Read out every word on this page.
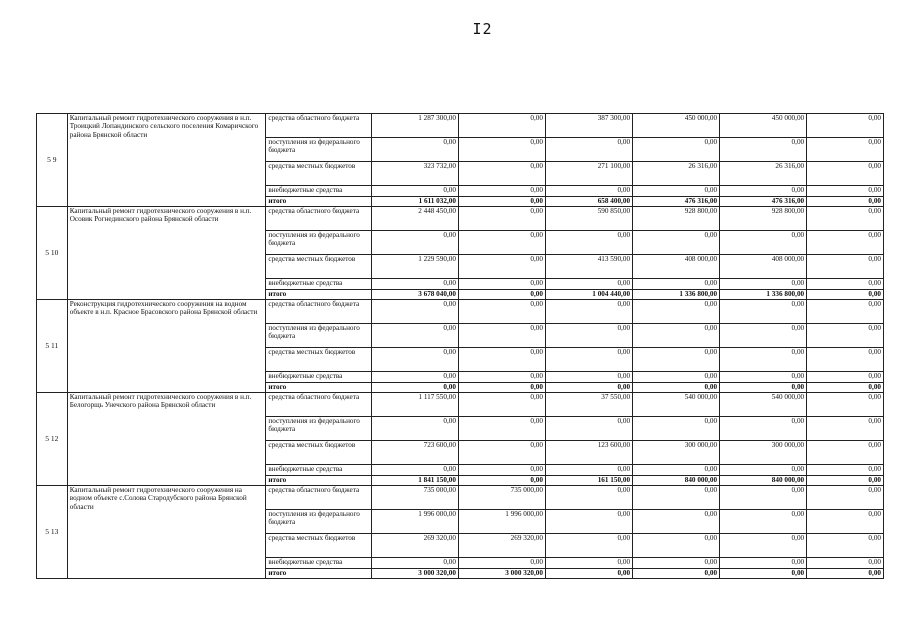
I2
5 9	Капитальный ремонт гидротехнического сооружения в н.п. Троицкий Лопандинского сельского поселения Комаричского района Брянской области	средства областного бюджета	1 287 300,00	0,00	387 300,00	450 000,00	450 000,00	0,00
		поступления из федерального бюджета	0,00	0,00	0,00	0,00	0,00	0,00
		средства местных бюджетов	323 732,00	0,00	271 100,00	26 316,00	26 316,00	0,00
		внебюджетные средства	0,00	0,00	0,00	0,00	0,00	0,00
		итого	1 611 032,00	0,00	658 400,00	476 316,00	476 316,00	0,00
5 10	Капитальный ремонт гидротехнического сооружения в н.п. Осовик Рогнединского района Брянской области	средства областного бюджета	2 448 450,00	0,00	590 850,00	928 800,00	928 800,00	0,00
		поступления из федерального бюджета	0,00	0,00	0,00	0,00	0,00	0,00
		средства местных бюджетов	1 229 590,00	0,00	413 590,00	408 000,00	408 000,00	0,00
		внебюджетные средства	0,00	0,00	0,00	0,00	0,00	0,00
		итого	3 678 040,00	0,00	1 004 440,00	1 336 800,00	1 336 800,00	0,00
5 11	Реконструкция гидротехнического сооружения на водном объекте в н.п. Красное Брасовского района Брянской области	средства областного бюджета	0,00	0,00	0,00	0,00	0,00	0,00
		поступления из федерального бюджета	0,00	0,00	0,00	0,00	0,00	0,00
		средства местных бюджетов	0,00	0,00	0,00	0,00	0,00	0,00
		внебюджетные средства	0,00	0,00	0,00	0,00	0,00	0,00
		итого	0,00	0,00	0,00	0,00	0,00	0,00
5 12	Капитальный ремонт гидротехнического сооружения в н.п. Белогорщь Унечского района Брянской области	средства областного бюджета	1 117 550,00	0,00	37 550,00	540 000,00	540 000,00	0,00
		поступления из федерального бюджета	0,00	0,00	0,00	0,00	0,00	0,00
		средства местных бюджетов	723 600,00	0,00	123 600,00	300 000,00	300 000,00	0,00
		внебюджетные средства	0,00	0,00	0,00	0,00	0,00	0,00
		итого	1 841 150,00	0,00	161 150,00	840 000,00	840 000,00	0,00
5 13	Капитальный ремонт гидротехнического сооружения на водном объекте с.Солова Стародубского района Брянской области	средства областного бюджета	735 000,00	735 000,00	0,00	0,00	0,00	0,00
		поступления из федерального бюджета	1 996 000,00	1 996 000,00	0,00	0,00	0,00	0,00
		средства местных бюджетов	269 320,00	269 320,00	0,00	0,00	0,00	0,00
		внебюджетные средства	0,00	0,00	0,00	0,00	0,00	0,00
		итого	3 000 320,00	3 000 320,00	0,00	0,00	0,00	0,00
